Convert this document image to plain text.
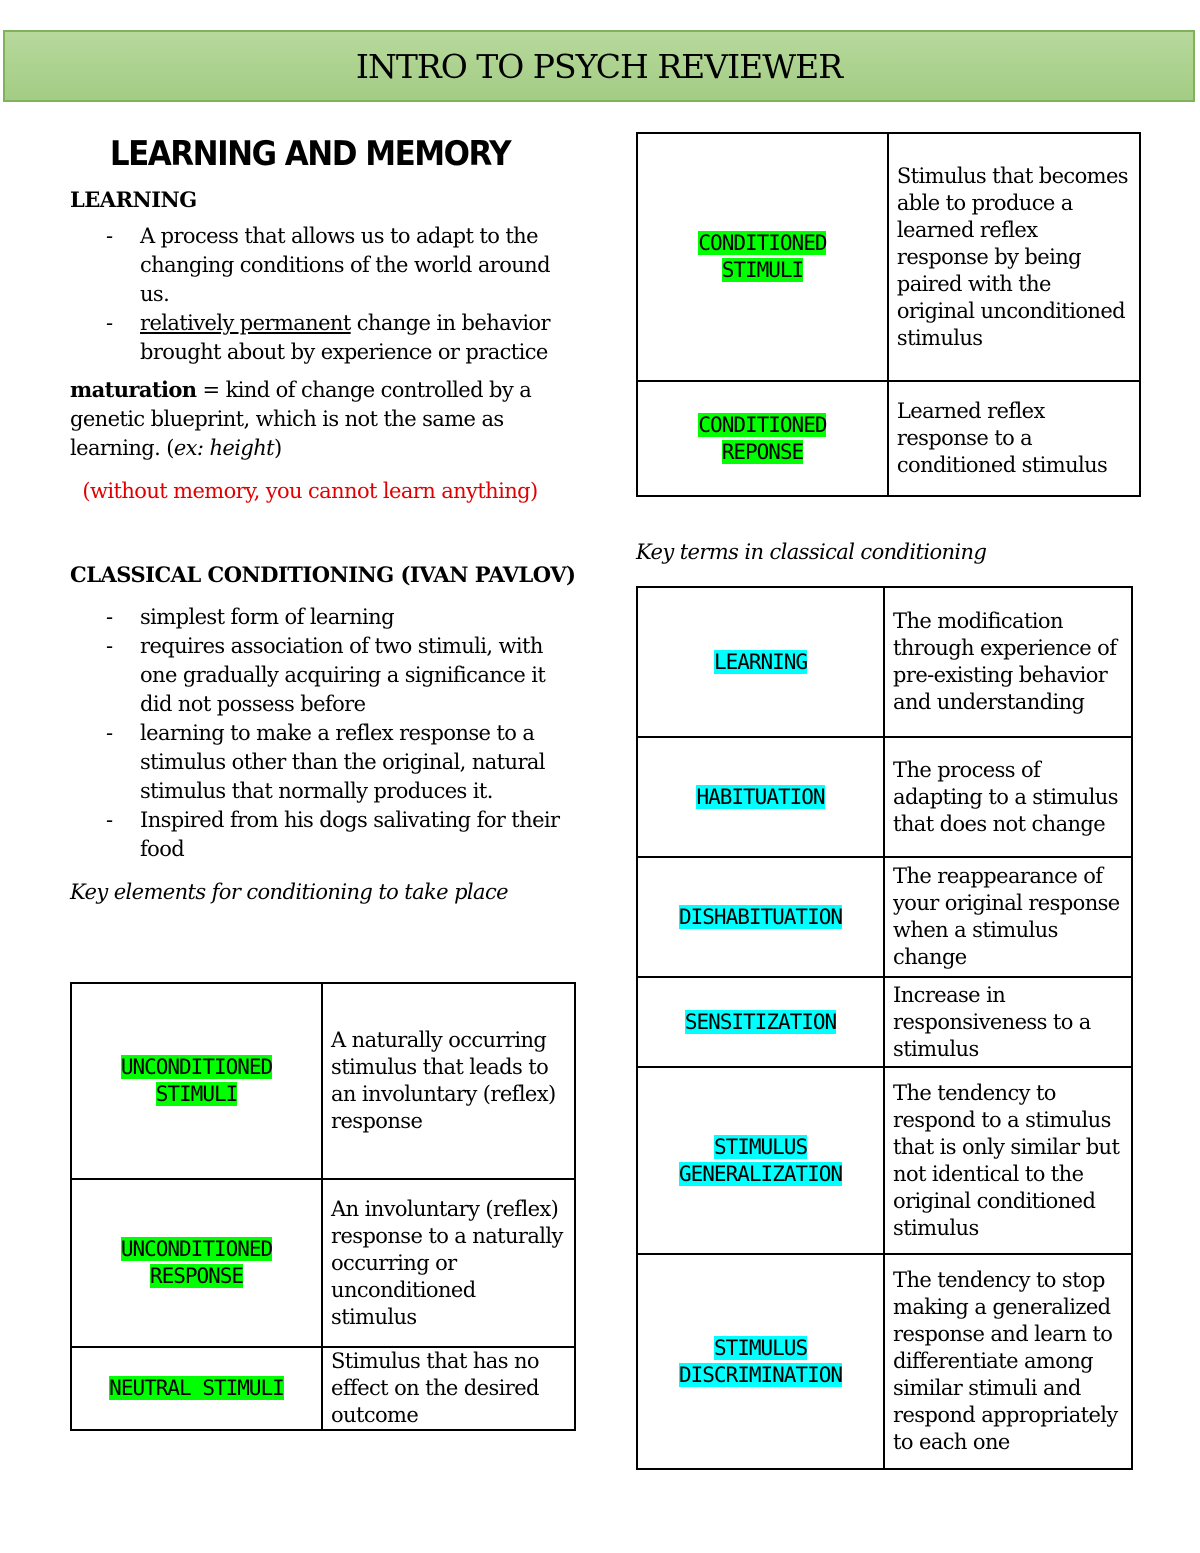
INTRO TO PSYCH REVIEWER
LEARNING AND MEMORY

LEARNING

- A process that allows us to adapt to the changing conditions of the world around us.
- relatively permanent change in behavior brought about by experience or practice

maturation = kind of change controlled by a genetic blueprint, which is not the same as learning. (ex: height)

(without memory, you cannot learn anything)

CLASSICAL CONDITIONING (IVAN PAVLOV)

- simplest form of learning
- requires association of two stimuli, with one gradually acquiring a significance it did not possess before
- learning to make a reflex response to a stimulus other than the original, natural stimulus that normally produces it.
- Inspired from his dogs salivating for their food

Key elements for conditioning to take place

UNCONDITIONED
STIMULI	A naturally occurring stimulus that leads to an involuntary (reflex) response
UNCONDITIONED
RESPONSE	An involuntary (reflex) response to a naturally occurring or unconditioned stimulus
NEUTRAL STIMULI	Stimulus that has no effect on the desired outcome
CONDITIONED
STIMULI	Stimulus that becomes able to produce a learned reflex response by being paired with the original unconditioned stimulus
CONDITIONED
REPONSE	Learned reflex response to a conditioned stimulus

Key terms in classical conditioning

LEARNING	The modification through experience of pre-existing behavior and understanding
HABITUATION	The process of adapting to a stimulus that does not change
DISHABITUATION	The reappearance of your original response when a stimulus change
SENSITIZATION	Increase in responsiveness to a stimulus
STIMULUS
GENERALIZATION	The tendency to respond to a stimulus that is only similar but not identical to the original conditioned stimulus
STIMULUS
DISCRIMINATION	The tendency to stop making a generalized response and learn to differentiate among similar stimuli and respond appropriately to each one
